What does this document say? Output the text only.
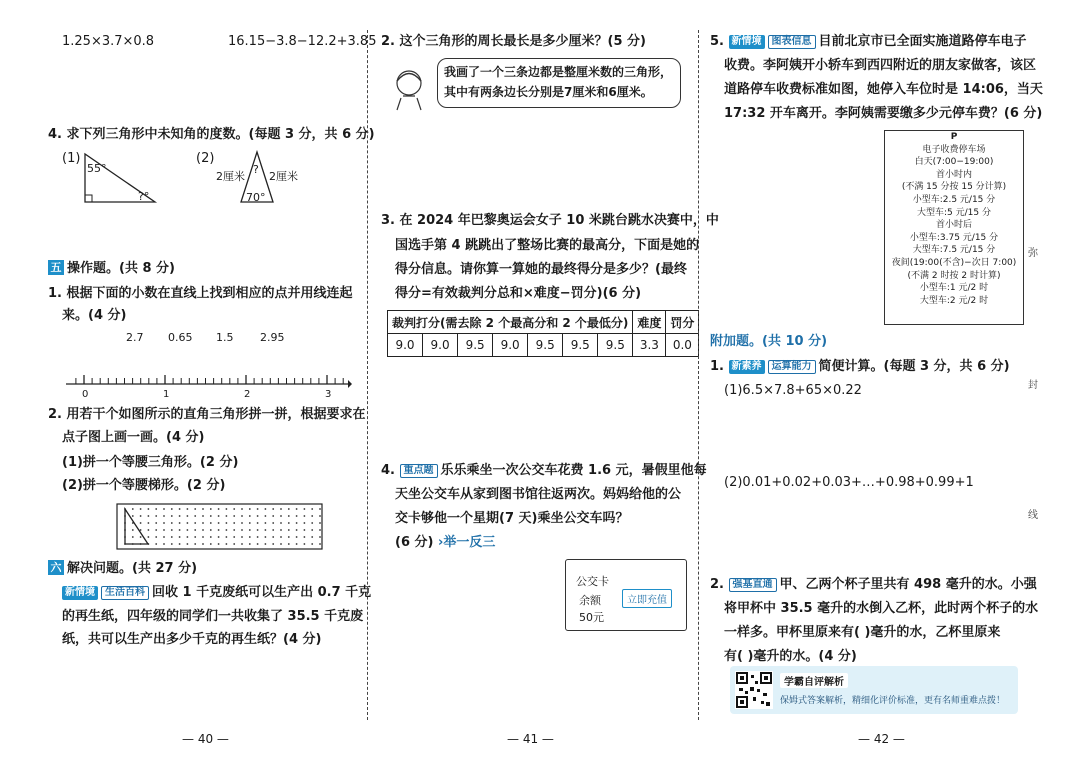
1.25×3.7×0.8	16.15−3.8−12.2+3.85
4. 求下列三角形中未知角的度数。(每题 3 分，共 6 分)
(1)
55°
?°
(2)
?
2厘米 2厘米
70°
五 操作题。(共 8 分)
1. 根据下面的小数在直线上找到相应的点并用线连起
来。(4 分)
2.7 0.65 1.5 2.95
0	1	2	3
2. 用若干个如图所示的直角三角形拼一拼，根据要求在
点子图上画一画。(4 分)
(1)拼一个等腰三角形。(2 分)
(2)拼一个等腰梯形。(2 分)
六 解决问题。(共 27 分)
新情境 生活百科 回收 1 千克废纸可以生产出 0.7 千克
的再生纸，四年级的同学们一共收集了 35.5 千克废
纸，共可以生产出多少千克的再生纸？(4 分)
— 40 —
2. 这个三角形的周长最长是多少厘米？(5 分)
我画了一个三条边都是整厘米数的三角形，
其中有两条边长分别是7厘米和6厘米。
3. 在 2024 年巴黎奥运会女子 10 米跳台跳水决赛中，中
国选手第 4 跳跳出了整场比赛的最高分，下面是她的
得分信息。请你算一算她的最终得分是多少？(最终
得分=有效裁判分总和×难度−罚分)(6 分)
裁判打分(需去除 2 个最高分和 2 个最低分)							难度	罚分
9.0	9.0	9.5	9.0	9.5	9.5	9.5	3.3	0.0
4. 重点题 乐乐乘坐一次公交车花费 1.6 元，暑假里他每
天坐公交车从家到图书馆往返两次。妈妈给他的公
交卡够他一个星期(7 天)乘坐公交车吗？
(6 分) ›举一反三
公交卡
余额
50元
立即充值
— 41 —
5. 新情境 图表信息 目前北京市已全面实施道路停车电子
收费。李阿姨开小轿车到西四附近的朋友家做客，该区
道路停车收费标准如图，她停入车位时是 14:06，当天
17:32 开车离开。李阿姨需要缴多少元停车费？(6 分)
附加题。(共 10 分)
1. 新素养 运算能力 简便计算。(每题 3 分，共 6 分)
(1)6.5×7.8+65×0.22
(2)0.01+0.02+0.03+…+0.98+0.99+1
2. 强基直通 甲、乙两个杯子里共有 498 毫升的水。小强
将甲杯中 35.5 毫升的水倒入乙杯，此时两个杯子的水
一样多。甲杯里原来有( )毫升的水，乙杯里原来
有( )毫升的水。(4 分)
学霸自评解析
保姆式答案解析，精细化评价标准，更有名师重难点拨！
— 42 —
P
电子收费停车场
白天(7:00−19:00)
首小时内
(不满 15 分按 15 分计算)
小型车:2.5 元/15 分
大型车:5 元/15 分
首小时后
小型车:3.75 元/15 分
大型车:7.5 元/15 分
夜间(19:00(不含)−次日 7:00)
(不满 2 时按 2 时计算)
小型车:1 元/2 时
大型车:2 元/2 时
弥
封
线
